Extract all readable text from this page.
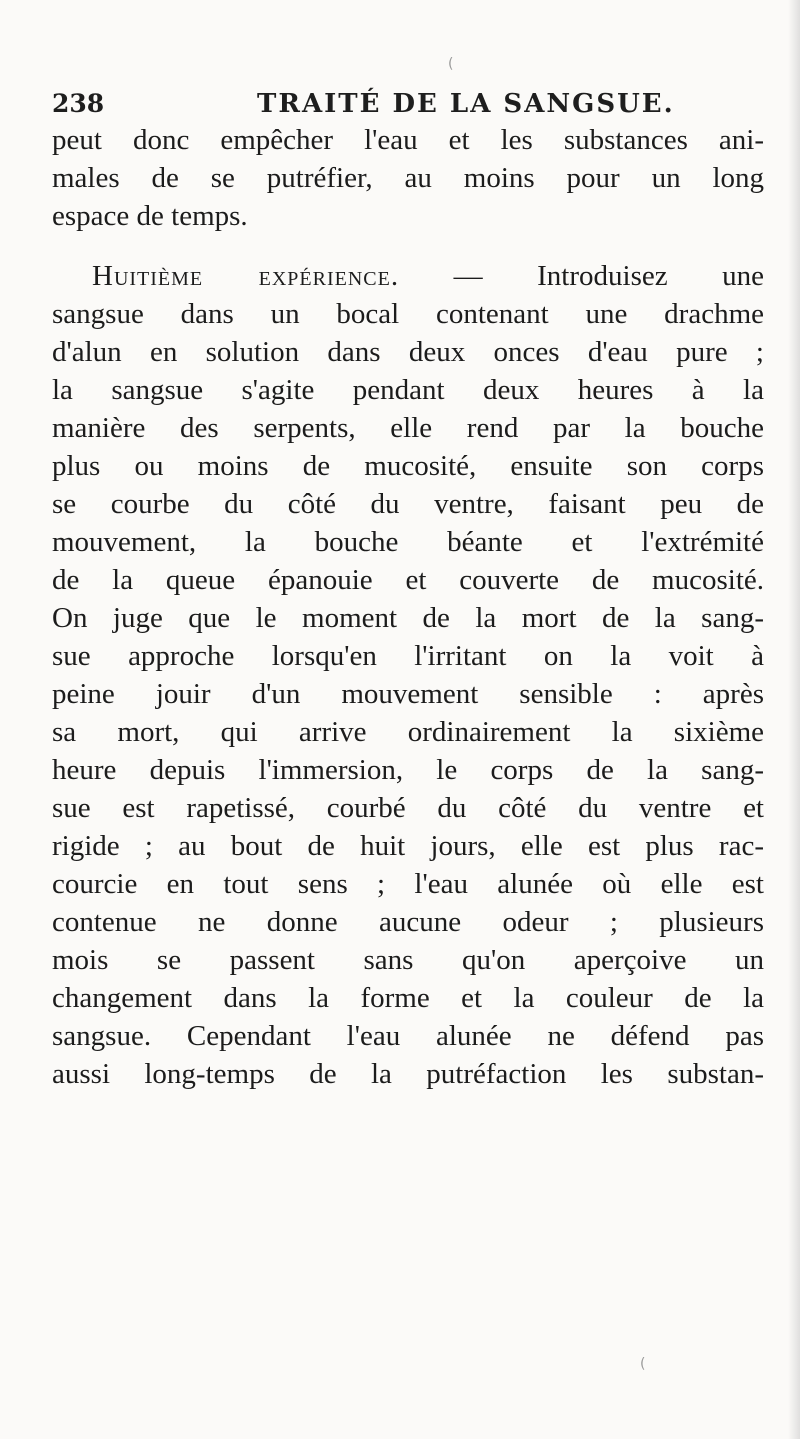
238	TRAITÉ DE LA SANGSUE.
peut donc empêcher l'eau et les substances ani-
males de se putréfier, au moins pour un long
espace de temps.
Huitième expérience. — Introduisez une
sangsue dans un bocal contenant une drachme
d'alun en solution dans deux onces d'eau pure ;
la sangsue s'agite pendant deux heures à la
manière des serpents, elle rend par la bouche
plus ou moins de mucosité, ensuite son corps
se courbe du côté du ventre, faisant peu de
mouvement, la bouche béante et l'extrémité
de la queue épanouie et couverte de mucosité.
On juge que le moment de la mort de la sang-
sue approche lorsqu'en l'irritant on la voit à
peine jouir d'un mouvement sensible : après
sa mort, qui arrive ordinairement la sixième
heure depuis l'immersion, le corps de la sang-
sue est rapetissé, courbé du côté du ventre et
rigide ; au bout de huit jours, elle est plus rac-
courcie en tout sens ; l'eau alunée où elle est
contenue ne donne aucune odeur ; plusieurs
mois se passent sans qu'on aperçoive un
changement dans la forme et la couleur de la
sangsue. Cependant l'eau alunée ne défend pas
aussi long-temps de la putréfaction les substan-
(
(
